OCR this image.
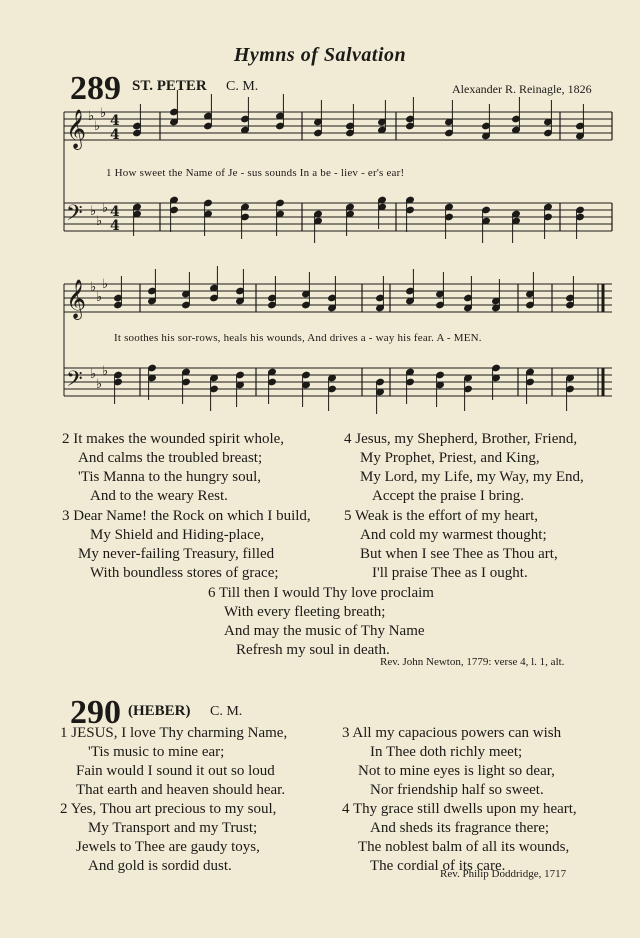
Hymns of Salvation
289 ST. PETER C. M.	Alexander R. Reinagle, 1826
𝄞
𝄢
𝄞
𝄢
♭
♭
♭
♭
♭
♭
♭
♭
♭
♭
♭
♭
4
4
4
4
1 How sweet the Name of Je - sus sounds In a be - liev - er's ear!
It soothes his sor-rows, heals his wounds, And drives a - way his fear. A - MEN.
2 It makes the wounded spirit whole,
And calms the troubled breast;
'Tis Manna to the hungry soul,
And to the weary Rest.
3 Dear Name! the Rock on which I build,
My Shield and Hiding-place,
My never-failing Treasury, filled
With boundless stores of grace;
4 Jesus, my Shepherd, Brother, Friend,
My Prophet, Priest, and King,
My Lord, my Life, my Way, my End,
Accept the praise I bring.
5 Weak is the effort of my heart,
And cold my warmest thought;
But when I see Thee as Thou art,
I'll praise Thee as I ought.
6 Till then I would Thy love proclaim
With every fleeting breath;
And may the music of Thy Name
Refresh my soul in death.
Rev. John Newton, 1779: verse 4, l. 1, alt.
290 (HEBER) C. M.
1 JESUS, I love Thy charming Name,
'Tis music to mine ear;
Fain would I sound it out so loud
That earth and heaven should hear.
2 Yes, Thou art precious to my soul,
My Transport and my Trust;
Jewels to Thee are gaudy toys,
And gold is sordid dust.
3 All my capacious powers can wish
In Thee doth richly meet;
Not to mine eyes is light so dear,
Nor friendship half so sweet.
4 Thy grace still dwells upon my heart,
And sheds its fragrance there;
The noblest balm of all its wounds,
The cordial of its care.
Rev. Philip Doddridge, 1717
